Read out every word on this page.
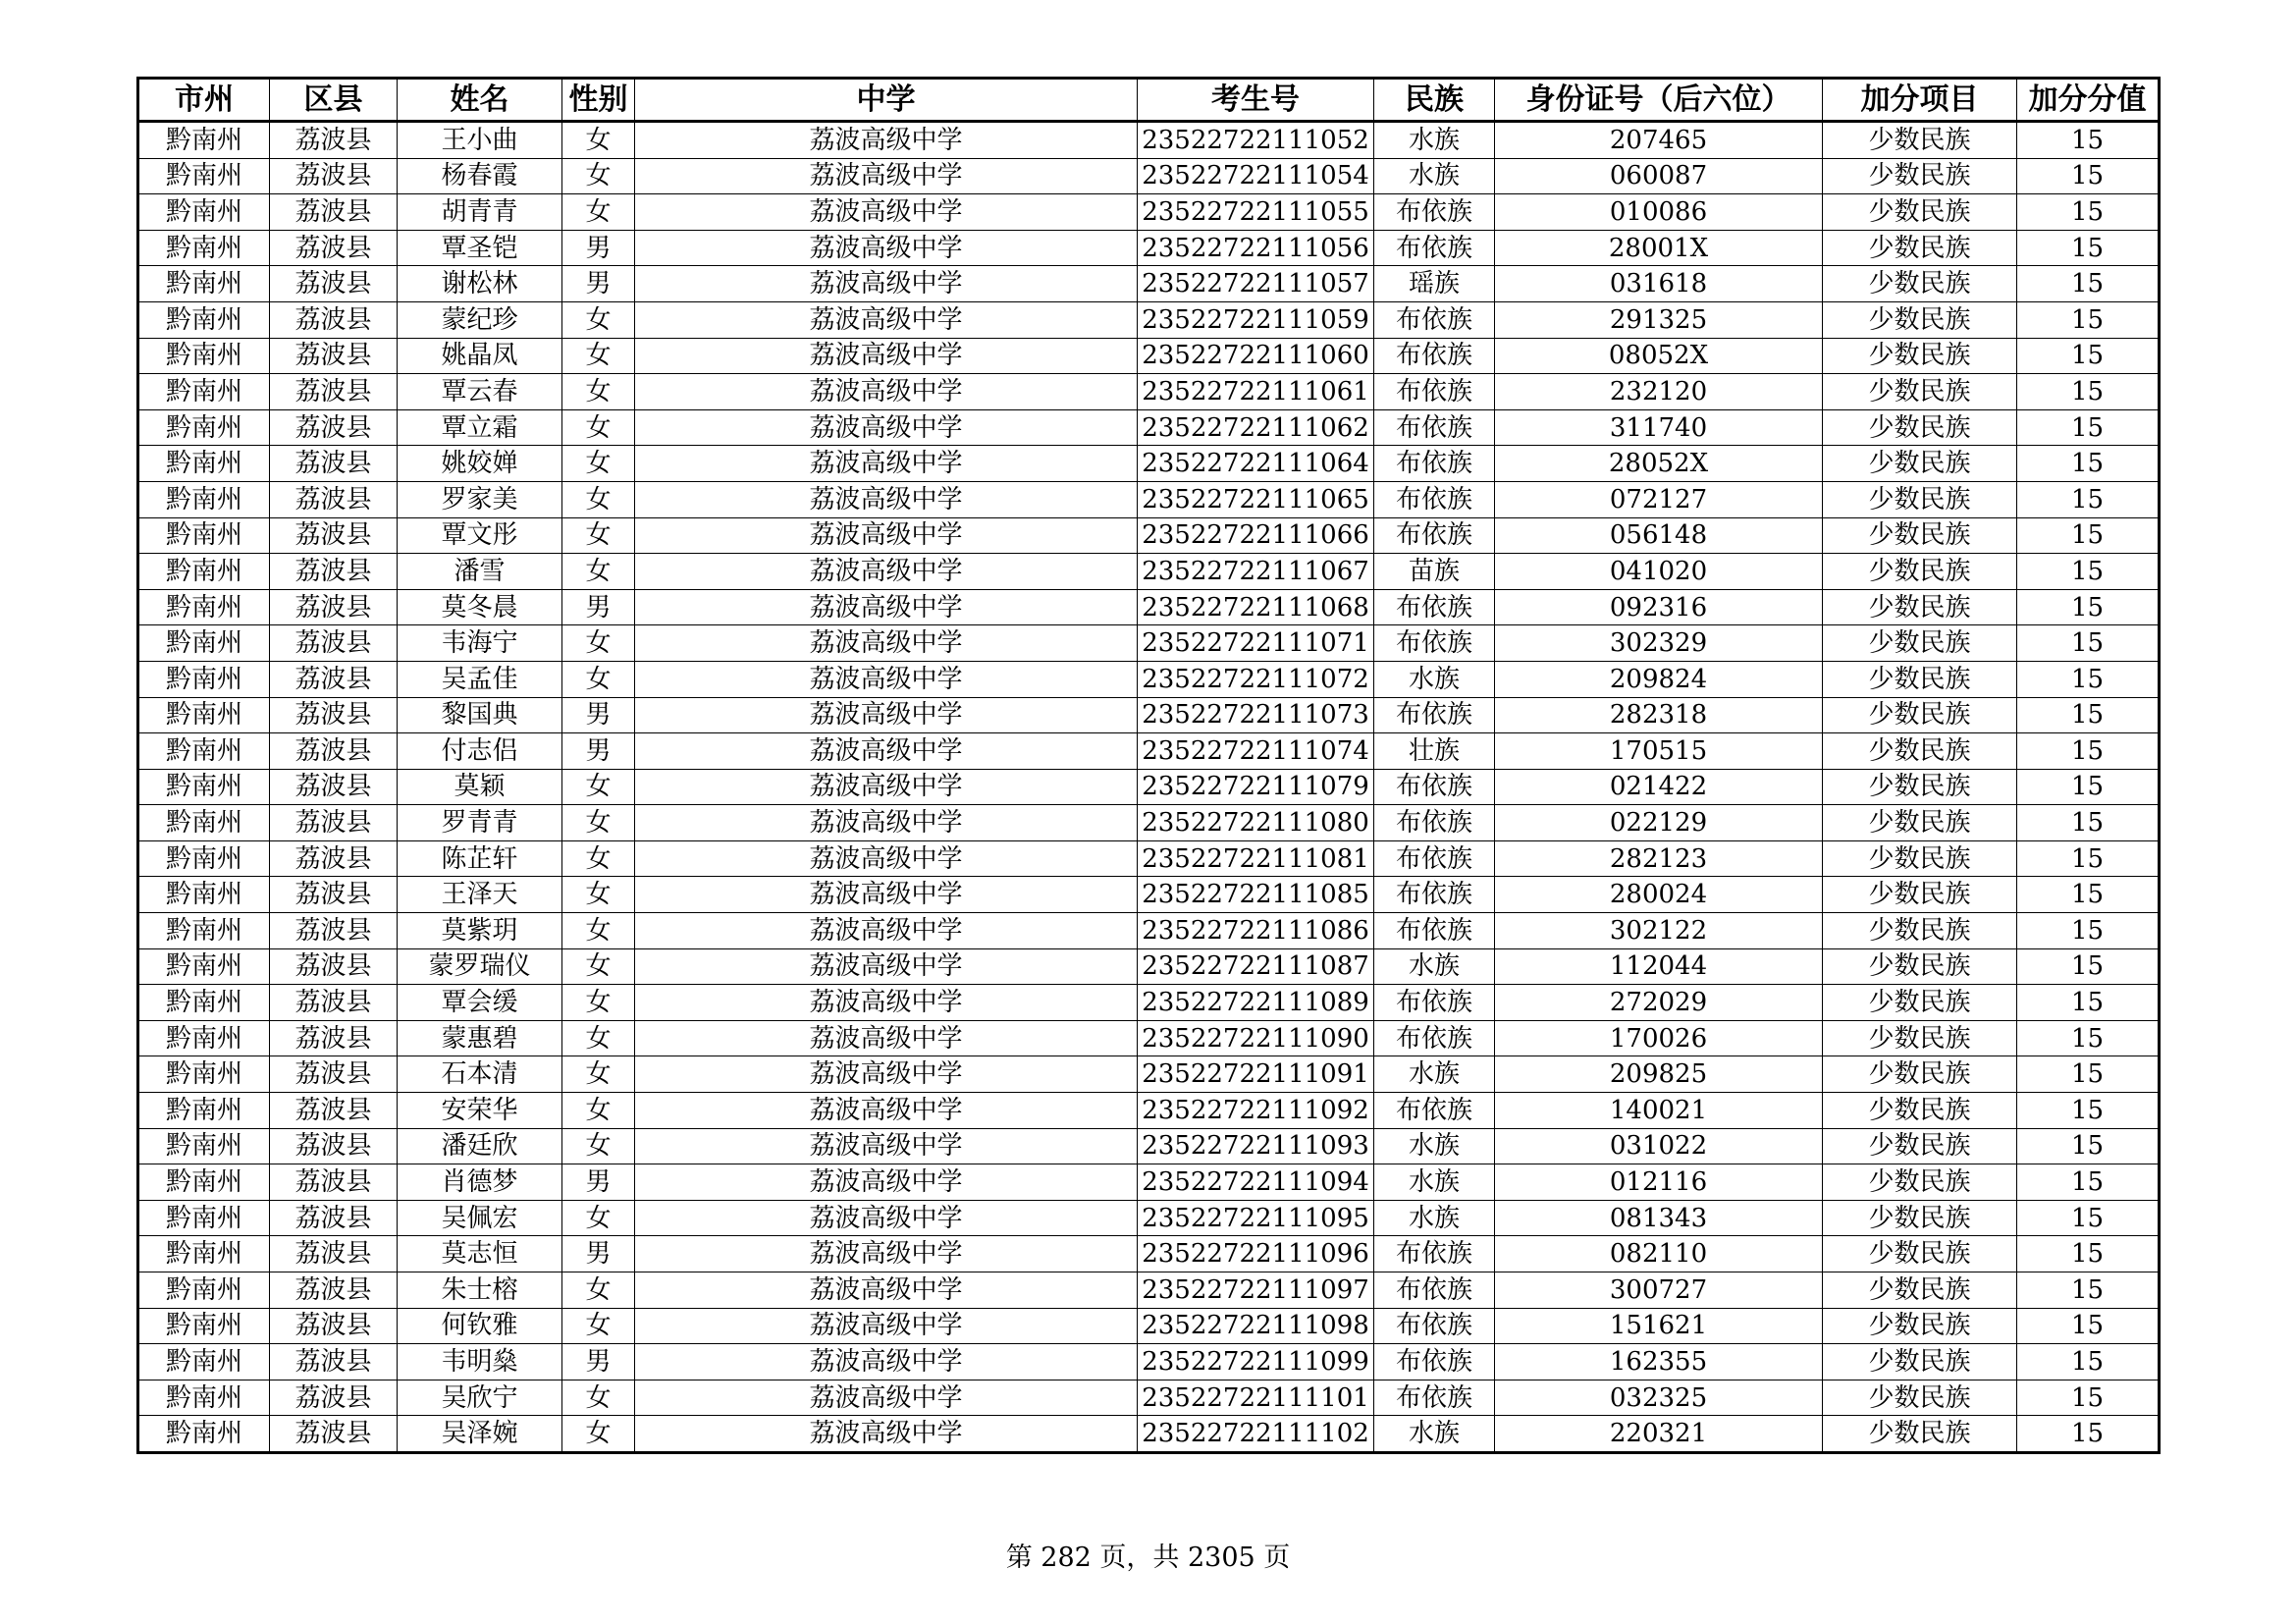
市州	区县	姓名	性别	中学	考生号	民族	身份证号（后六位）	加分项目	加分分值
黔南州	荔波县	王小曲	女	荔波高级中学	23522722111052	水族	207465	少数民族	15
黔南州	荔波县	杨春霞	女	荔波高级中学	23522722111054	水族	060087	少数民族	15
黔南州	荔波县	胡青青	女	荔波高级中学	23522722111055	布依族	010086	少数民族	15
黔南州	荔波县	覃圣铠	男	荔波高级中学	23522722111056	布依族	28001X	少数民族	15
黔南州	荔波县	谢松林	男	荔波高级中学	23522722111057	瑶族	031618	少数民族	15
黔南州	荔波县	蒙纪珍	女	荔波高级中学	23522722111059	布依族	291325	少数民族	15
黔南州	荔波县	姚晶凤	女	荔波高级中学	23522722111060	布依族	08052X	少数民族	15
黔南州	荔波县	覃云春	女	荔波高级中学	23522722111061	布依族	232120	少数民族	15
黔南州	荔波县	覃立霜	女	荔波高级中学	23522722111062	布依族	311740	少数民族	15
黔南州	荔波县	姚姣婵	女	荔波高级中学	23522722111064	布依族	28052X	少数民族	15
黔南州	荔波县	罗家美	女	荔波高级中学	23522722111065	布依族	072127	少数民族	15
黔南州	荔波县	覃文彤	女	荔波高级中学	23522722111066	布依族	056148	少数民族	15
黔南州	荔波县	潘雪	女	荔波高级中学	23522722111067	苗族	041020	少数民族	15
黔南州	荔波县	莫冬晨	男	荔波高级中学	23522722111068	布依族	092316	少数民族	15
黔南州	荔波县	韦海宁	女	荔波高级中学	23522722111071	布依族	302329	少数民族	15
黔南州	荔波县	吴孟佳	女	荔波高级中学	23522722111072	水族	209824	少数民族	15
黔南州	荔波县	黎国典	男	荔波高级中学	23522722111073	布依族	282318	少数民族	15
黔南州	荔波县	付志侣	男	荔波高级中学	23522722111074	壮族	170515	少数民族	15
黔南州	荔波县	莫颖	女	荔波高级中学	23522722111079	布依族	021422	少数民族	15
黔南州	荔波县	罗青青	女	荔波高级中学	23522722111080	布依族	022129	少数民族	15
黔南州	荔波县	陈芷轩	女	荔波高级中学	23522722111081	布依族	282123	少数民族	15
黔南州	荔波县	王泽天	女	荔波高级中学	23522722111085	布依族	280024	少数民族	15
黔南州	荔波县	莫紫玥	女	荔波高级中学	23522722111086	布依族	302122	少数民族	15
黔南州	荔波县	蒙罗瑞仪	女	荔波高级中学	23522722111087	水族	112044	少数民族	15
黔南州	荔波县	覃会缓	女	荔波高级中学	23522722111089	布依族	272029	少数民族	15
黔南州	荔波县	蒙惠碧	女	荔波高级中学	23522722111090	布依族	170026	少数民族	15
黔南州	荔波县	石本清	女	荔波高级中学	23522722111091	水族	209825	少数民族	15
黔南州	荔波县	安荣华	女	荔波高级中学	23522722111092	布依族	140021	少数民族	15
黔南州	荔波县	潘廷欣	女	荔波高级中学	23522722111093	水族	031022	少数民族	15
黔南州	荔波县	肖德梦	男	荔波高级中学	23522722111094	水族	012116	少数民族	15
黔南州	荔波县	吴佩宏	女	荔波高级中学	23522722111095	水族	081343	少数民族	15
黔南州	荔波县	莫志恒	男	荔波高级中学	23522722111096	布依族	082110	少数民族	15
黔南州	荔波县	朱士榕	女	荔波高级中学	23522722111097	布依族	300727	少数民族	15
黔南州	荔波县	何钦雅	女	荔波高级中学	23522722111098	布依族	151621	少数民族	15
黔南州	荔波县	韦明燊	男	荔波高级中学	23522722111099	布依族	162355	少数民族	15
黔南州	荔波县	吴欣宁	女	荔波高级中学	23522722111101	布依族	032325	少数民族	15
黔南州	荔波县	吴泽婉	女	荔波高级中学	23522722111102	水族	220321	少数民族	15
第 282 页，共 2305 页
